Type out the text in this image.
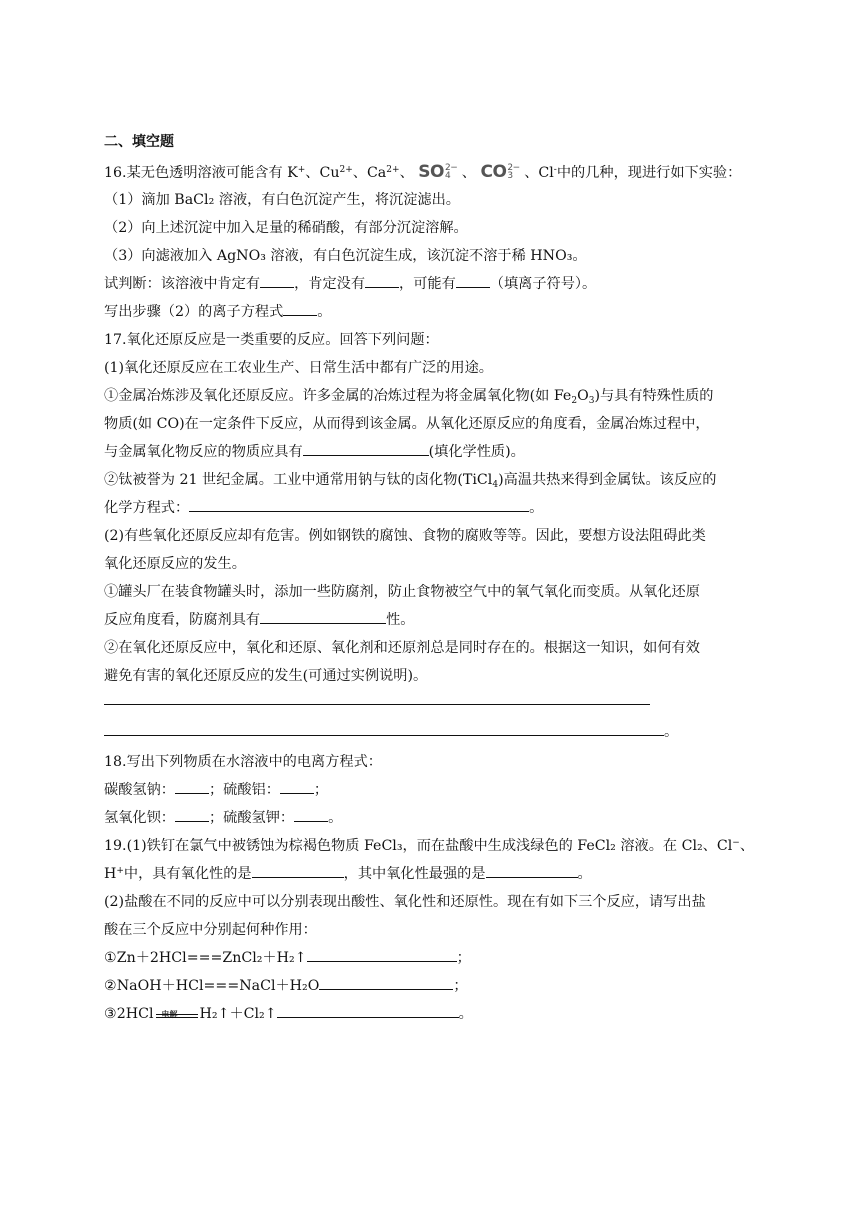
二、填空题
16.某无色透明溶液可能含有 K+、$Cu^{2+}$、$Ca^{2+}$、 SO 2−
4 、 CO 2−
3 、Cl-中的几种，现进行如下实验：
（1）滴加 BaCl₂ 溶液，有白色沉淀产生，将沉淀滤出。
（2）向上述沉淀中加入足量的稀硝酸，有部分沉淀溶解。
（3）向滤液加入 AgNO₃ 溶液，有白色沉淀生成，该沉淀不溶于稀 HNO₃。
试判断：该溶液中肯定有 ，肯定没有 ，可能有 （填离子符号）。
写出步骤（2）的离子方程式 。
17.氧化还原反应是一类重要的反应。回答下列问题：
(1)氧化还原反应在工农业生产、日常生活中都有广泛的用途。
①金属冶炼涉及氧化还原反应。许多金属的冶炼过程为将金属氧化物(如 $Fe_2O_3$)与具有特殊性质的
物质(如 CO)在一定条件下反应，从而得到该金属。从氧化还原反应的角度看，金属冶炼过程中，
与金属氧化物反应的物质应具有	(填化学性质)。
②钛被誉为 21 世纪金属。工业中通常用钠与钛的卤化物(TiCl$_4$)高温共热来得到金属钛。该反应的
化学方程式：	。
(2)有些氧化还原反应却有危害。例如钢铁的腐蚀、食物的腐败等等。因此，要想方设法阻碍此类
氧化还原反应的发生。
①罐头厂在装食物罐头时，添加一些防腐剂，防止食物被空气中的氧气氧化而变质。从氧化还原
反应角度看，防腐剂具有	性。
②在氧化还原反应中，氧化和还原、氧化剂和还原剂总是同时存在的。根据这一知识，如何有效
避免有害的氧化还原反应的发生(可通过实例说明)。
。
18.写出下列物质在水溶液中的电离方程式：
碳酸氢钠： ；硫酸铝： ；
氢氧化钡： ；硫酸氢钾： 。
19.(1)铁钉在氯气中被锈蚀为棕褐色物质 FeCl₃，而在盐酸中生成浅绿色的 FeCl₂ 溶液。在 Cl₂、Cl−、
H+中，具有氧化性的是	，其中氧化性最强的是	。
(2)盐酸在不同的反应中可以分别表现出酸性、氧化性和还原性。现在有如下三个反应，请写出盐
酸在三个反应中分别起何种作用：
①Zn＋2HCl===ZnCl₂＋H₂↑	；
②NaOH＋HCl===NaCl＋H₂O	；
③2HCl 电解 H₂↑＋Cl₂↑	。
